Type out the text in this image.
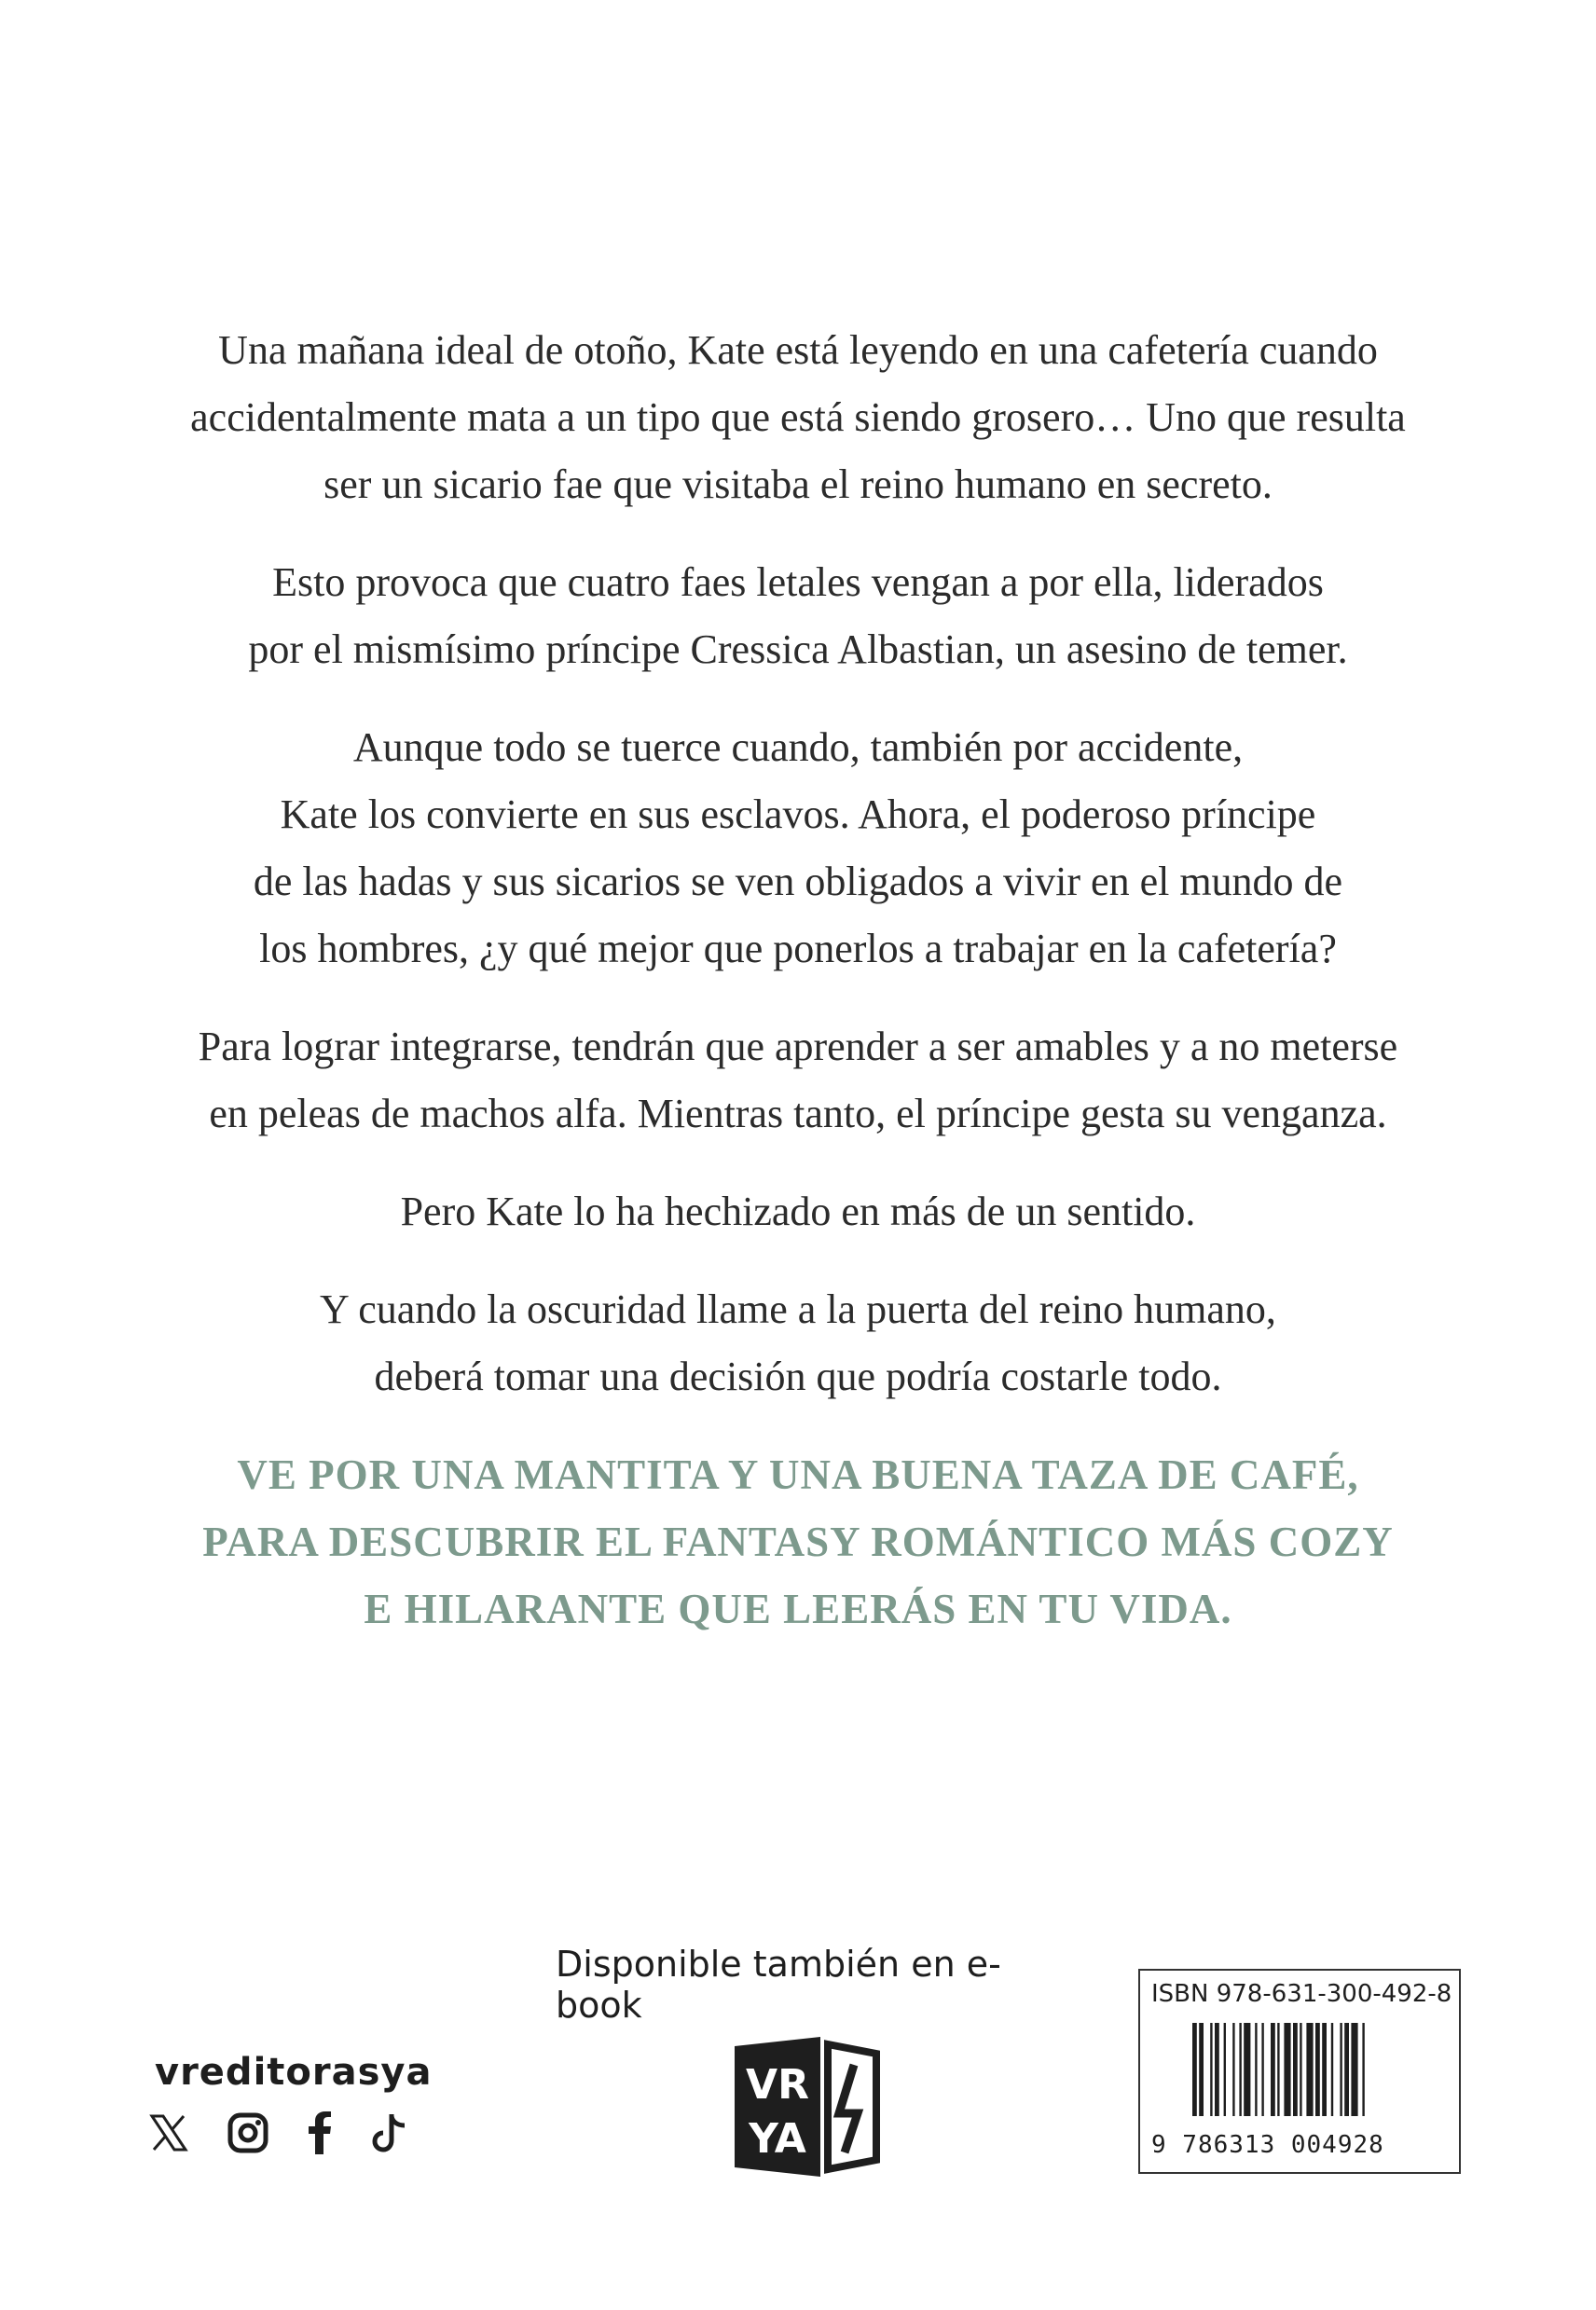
Una mañana ideal de otoño, Kate está leyendo en una cafetería cuando
accidentalmente mata a un tipo que está siendo grosero… Uno que resulta
ser un sicario fae que visitaba el reino humano en secreto.
Esto provoca que cuatro faes letales vengan a por ella, liderados
por el mismísimo príncipe Cressica Albastian, un asesino de temer.
Aunque todo se tuerce cuando, también por accidente,
Kate los convierte en sus esclavos. Ahora, el poderoso príncipe
de las hadas y sus sicarios se ven obligados a vivir en el mundo de
los hombres, ¿y qué mejor que ponerlos a trabajar en la cafetería?
Para lograr integrarse, tendrán que aprender a ser amables y a no meterse
en peleas de machos alfa. Mientras tanto, el príncipe gesta su venganza.
Pero Kate lo ha hechizado en más de un sentido.
Y cuando la oscuridad llame a la puerta del reino humano,
deberá tomar una decisión que podría costarle todo.
VE POR UNA MANTITA Y UNA BUENA TAZA DE CAFÉ,
PARA DESCUBRIR EL FANTASY ROMÁNTICO MÁS COZY
E HILARANTE QUE LEERÁS EN TU VIDA.
Disponible también en e-book
vreditorasya	VR
YA
ISBN 978-631-300-492-8
9 786313 004928
